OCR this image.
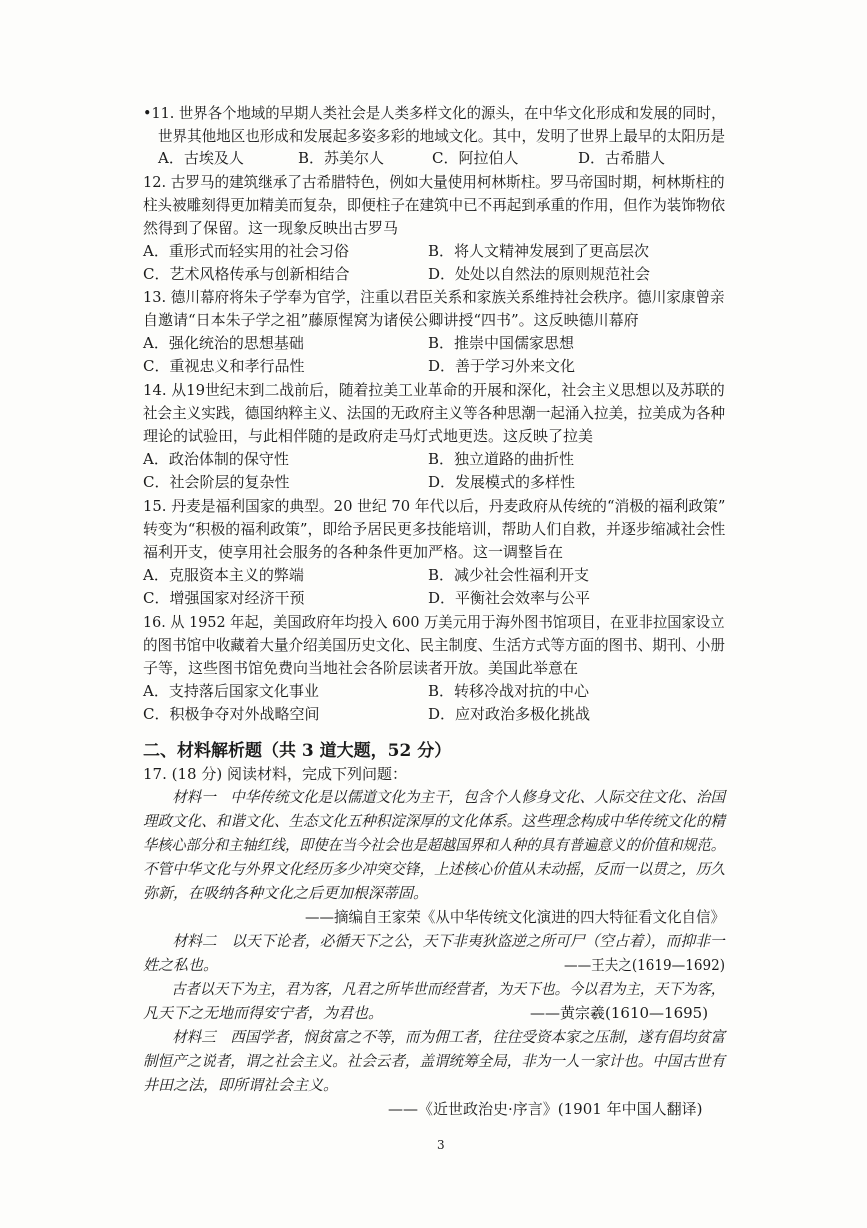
•11. 世界各个地域的早期人类社会是人类多样文化的源头，在中华文化形成和发展的同时，
世界其他地区也形成和发展起多姿多彩的地域文化。其中，发明了世界上最早的太阳历是
A．古埃及人	B．苏美尔人	C．阿拉伯人	D．古希腊人
12. 古罗马的建筑继承了古希腊特色，例如大量使用柯林斯柱。罗马帝国时期，柯林斯柱的
柱头被雕刻得更加精美而复杂，即便柱子在建筑中已不再起到承重的作用，但作为装饰物依
然得到了保留。这一现象反映出古罗马
A．重形式而轻实用的社会习俗	B．将人文精神发展到了更高层次
C．艺术风格传承与创新相结合	D．处处以自然法的原则规范社会
13. 德川幕府将朱子学奉为官学，注重以君臣关系和家族关系维持社会秩序。德川家康曾亲
自邀请“日本朱子学之祖”藤原惺窝为诸侯公卿讲授“四书”。这反映德川幕府
A．强化统治的思想基础	B．推崇中国儒家思想
C．重视忠义和孝行品性	D．善于学习外来文化
14. 从19世纪末到二战前后，随着拉美工业革命的开展和深化，社会主义思想以及苏联的
社会主义实践，德国纳粹主义、法国的无政府主义等各种思潮一起涌入拉美，拉美成为各种
理论的试验田，与此相伴随的是政府走马灯式地更迭。这反映了拉美
A．政治体制的保守性	B．独立道路的曲折性
C．社会阶层的复杂性	D．发展模式的多样性
15. 丹麦是福利国家的典型。20 世纪 70 年代以后，丹麦政府从传统的“消极的福利政策”
转变为“积极的福利政策”，即给予居民更多技能培训，帮助人们自救，并逐步缩减社会性
福利开支，使享用社会服务的各种条件更加严格。这一调整旨在
A．克服资本主义的弊端	B．减少社会性福利开支
C．增强国家对经济干预	D．平衡社会效率与公平
16. 从 1952 年起，美国政府年均投入 600 万美元用于海外图书馆项目，在亚非拉国家设立
的图书馆中收藏着大量介绍美国历史文化、民主制度、生活方式等方面的图书、期刊、小册
子等，这些图书馆免费向当地社会各阶层读者开放。美国此举意在
A．支持落后国家文化事业	B．转移冷战对抗的中心
C．积极争夺对外战略空间	D．应对政治多极化挑战
二、材料解析题（共 3 道大题，52 分）
17. (18 分) 阅读材料，完成下列问题：
　　材料一　中华传统文化是以儒道文化为主干，包含个人修身文化、人际交往文化、治国
理政文化、和谐文化、生态文化五种积淀深厚的文化体系。这些理念构成中华传统文化的精
华核心部分和主轴红线，即使在当今社会也是超越国界和人种的具有普遍意义的价值和规范。
不管中华文化与外界文化经历多少冲突交锋，上述核心价值从未动摇，反而一以贯之，历久
弥新，在吸纳各种文化之后更加根深蒂固。
——摘编自王家荣《从中华传统文化演进的四大特征看文化自信》
　　材料二　以天下论者，必循天下之公，天下非夷狄盗逆之所可尸（空占着），而抑非一
姓之私也。	——王夫之(1619—1692)
　　古者以天下为主，君为客，凡君之所毕世而经营者，为天下也。今以君为主，天下为客，
凡天下之无地而得安宁者，为君也。	——黄宗羲(1610—1695)
　　材料三　西国学者，悯贫富之不等，而为佣工者，往往受资本家之压制，遂有倡均贫富
制恒产之说者，谓之社会主义。社会云者，盖谓统筹全局，非为一人一家计也。中国古世有
井田之法，即所谓社会主义。
——《近世政治史·序言》(1901 年中国人翻译)
3
